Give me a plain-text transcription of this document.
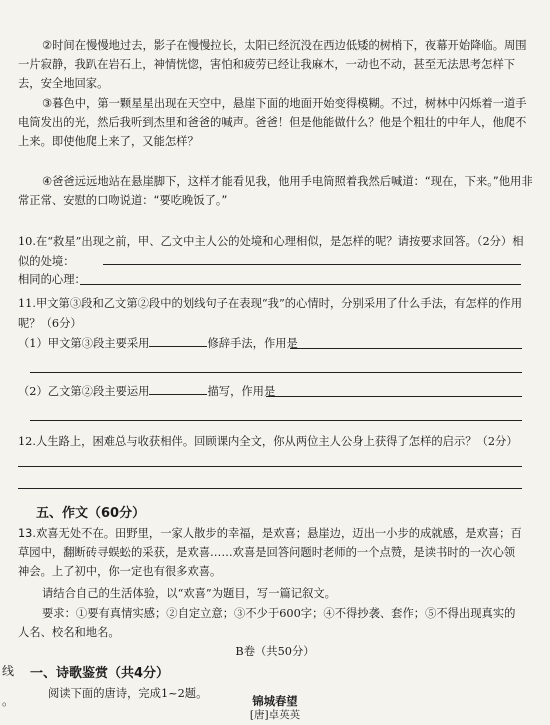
②时间在慢慢地过去，影子在慢慢拉长，太阳已经沉没在西边低矮的树梢下，夜幕开始降临。周围一片寂静，我趴在岩石上，神情恍惚，害怕和疲劳已经让我麻木，一动也不动，甚至无法思考怎样下去，安全地回家。
③暮色中，第一颗星星出现在天空中，悬崖下面的地面开始变得模糊。不过，树林中闪烁着一道手电筒发出的光，然后我听到杰里和爸爸的喊声。爸爸！但是他能做什么？他是个粗壮的中年人，他爬不上来。即使他爬上来了，又能怎样？
④爸爸远远地站在悬崖脚下，这样才能看见我，他用手电筒照着我然后喊道：“现在，下来。”他用非常正常、安慰的口吻说道：“要吃晚饭了。”
10.在“救星”出现之前，甲、乙文中主人公的处境和心理相似，是怎样的呢？请按要求回答。（2分）相似的处境：
相同的心理：
11.甲文第③段和乙文第②段中的划线句子在表现“我”的心情时，分别采用了什么手法，有怎样的作用呢？（6分）
（1）甲文第③段主要采用	修辞手法，作用是
（2）乙文第②段主要运用	描写，作用是
12.人生路上，困难总与收获相伴。回顾课内全文，你从两位主人公身上获得了怎样的启示？（2分）
五、作文（60分）
13.欢喜无处不在。田野里，一家人散步的幸福，是欢喜；悬崖边，迈出一小步的成就感，是欢喜；百草园中，翻断砖寻蜈蚣的采获，是欢喜……欢喜是回答问题时老师的一个点赞，是读书时的一次心领神会。上了初中，你一定也有很多欢喜。
请结合自己的生活体验，以“欢喜”为题目，写一篇记叙文。
要求：①要有真情实感；②自定立意；③不少于600字；④不得抄袭、套作；⑤不得出现真实的人名、校名和地名。
B卷（共50分）
一、诗歌鉴赏（共4分）
阅读下面的唐诗，完成1~2题。
锦城春望
[唐]卓英英
线
。
